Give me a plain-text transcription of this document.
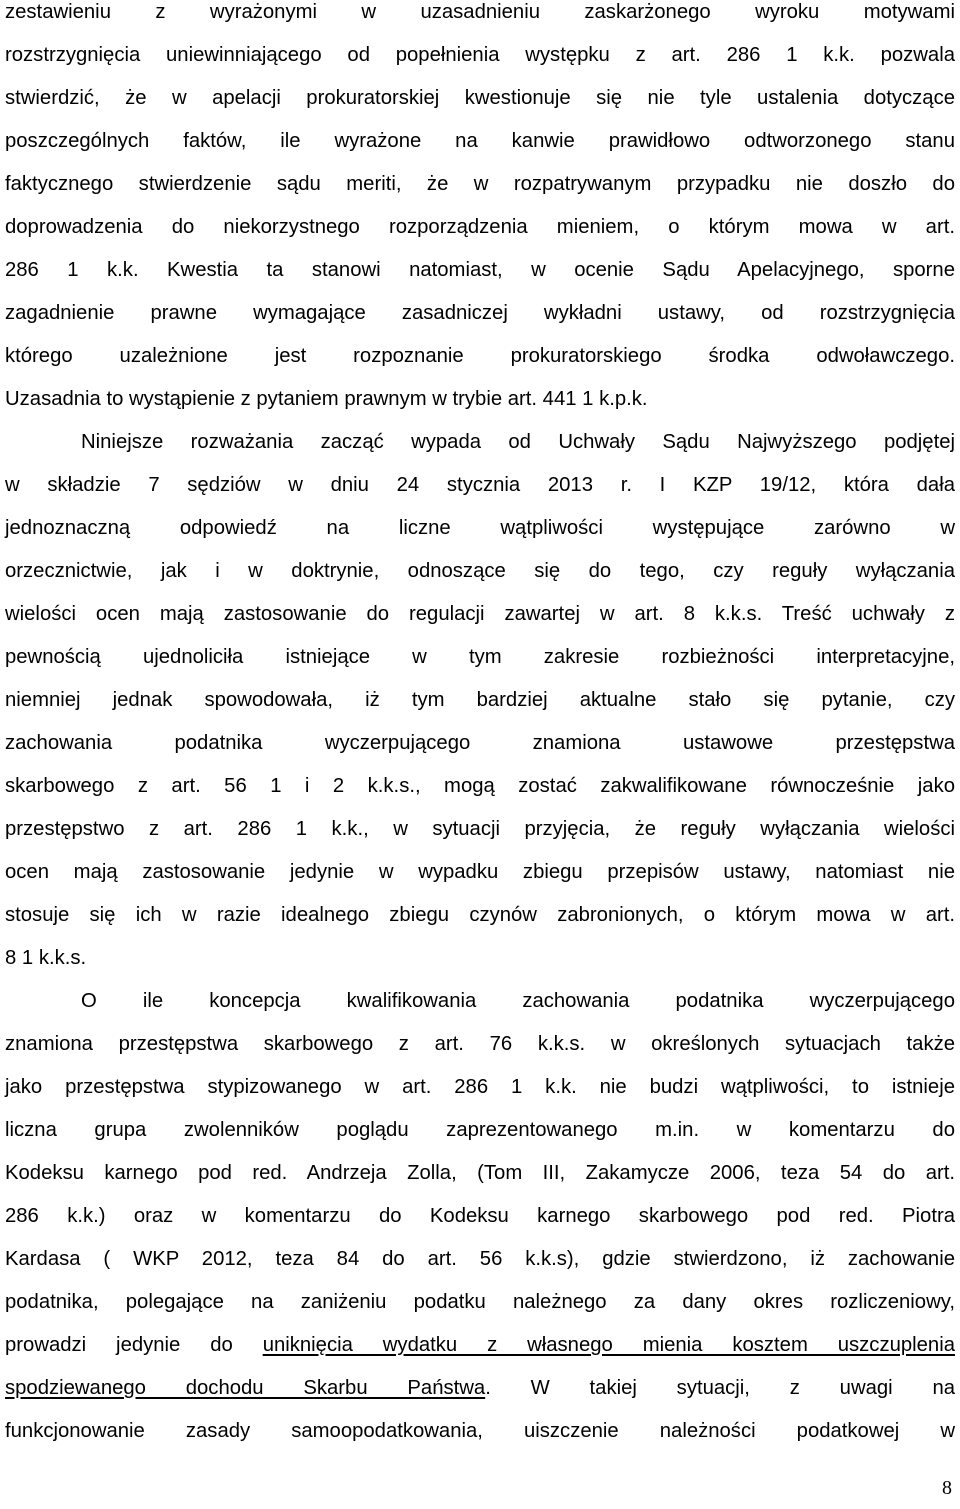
zestawieniu z wyrażonymi w uzasadnieniu zaskarżonego wyroku motywami
rozstrzygnięcia uniewinniającego od popełnienia występku z art. 286 1 k.k. pozwala
stwierdzić, że w apelacji prokuratorskiej kwestionuje się nie tyle ustalenia dotyczące
poszczególnych faktów, ile wyrażone na kanwie prawidłowo odtworzonego stanu
faktycznego stwierdzenie sądu meriti, że w rozpatrywanym przypadku nie doszło do
doprowadzenia do niekorzystnego rozporządzenia mieniem, o którym mowa w art.
286 1 k.k. Kwestia ta stanowi natomiast, w ocenie Sądu Apelacyjnego, sporne
zagadnienie prawne wymagające zasadniczej wykładni ustawy, od rozstrzygnięcia
którego uzależnione jest rozpoznanie prokuratorskiego środka odwoławczego.
Uzasadnia to wystąpienie z pytaniem prawnym w trybie art. 441 1 k.p.k.
Niniejsze rozważania zacząć wypada od Uchwały Sądu Najwyższego podjętej
w składzie 7 sędziów w dniu 24 stycznia 2013 r. I KZP 19/12, która dała
jednoznaczną odpowiedź na liczne wątpliwości występujące zarówno w
orzecznictwie, jak i w doktrynie, odnoszące się do tego, czy reguły wyłączania
wielości ocen mają zastosowanie do regulacji zawartej w art. 8 k.k.s. Treść uchwały z
pewnością ujednoliciła istniejące w tym zakresie rozbieżności interpretacyjne,
niemniej jednak spowodowała, iż tym bardziej aktualne stało się pytanie, czy
zachowania podatnika wyczerpującego znamiona ustawowe przestępstwa
skarbowego z art. 56 1 i 2 k.k.s., mogą zostać zakwalifikowane równocześnie jako
przestępstwo z art. 286 1 k.k., w sytuacji przyjęcia, że reguły wyłączania wielości
ocen mają zastosowanie jedynie w wypadku zbiegu przepisów ustawy, natomiast nie
stosuje się ich w razie idealnego zbiegu czynów zabronionych, o którym mowa w art.
8 1 k.k.s.
O ile koncepcja kwalifikowania zachowania podatnika wyczerpującego
znamiona przestępstwa skarbowego z art. 76 k.k.s. w określonych sytuacjach także
jako przestępstwa stypizowanego w art. 286 1 k.k. nie budzi wątpliwości, to istnieje
liczna grupa zwolenników poglądu zaprezentowanego m.in. w komentarzu do
Kodeksu karnego pod red. Andrzeja Zolla, (Tom III, Zakamycze 2006, teza 54 do art.
286 k.k.) oraz w komentarzu do Kodeksu karnego skarbowego pod red. Piotra
Kardasa ( WKP 2012, teza 84 do art. 56 k.k.s), gdzie stwierdzono, iż zachowanie
podatnika, polegające na zaniżeniu podatku należnego za dany okres rozliczeniowy,
prowadzi jedynie do uniknięcia wydatku z własnego mienia kosztem uszczuplenia
spodziewanego dochodu Skarbu Państwa. W takiej sytuacji, z uwagi na
funkcjonowanie zasady samoopodatkowania, uiszczenie należności podatkowej w
8
